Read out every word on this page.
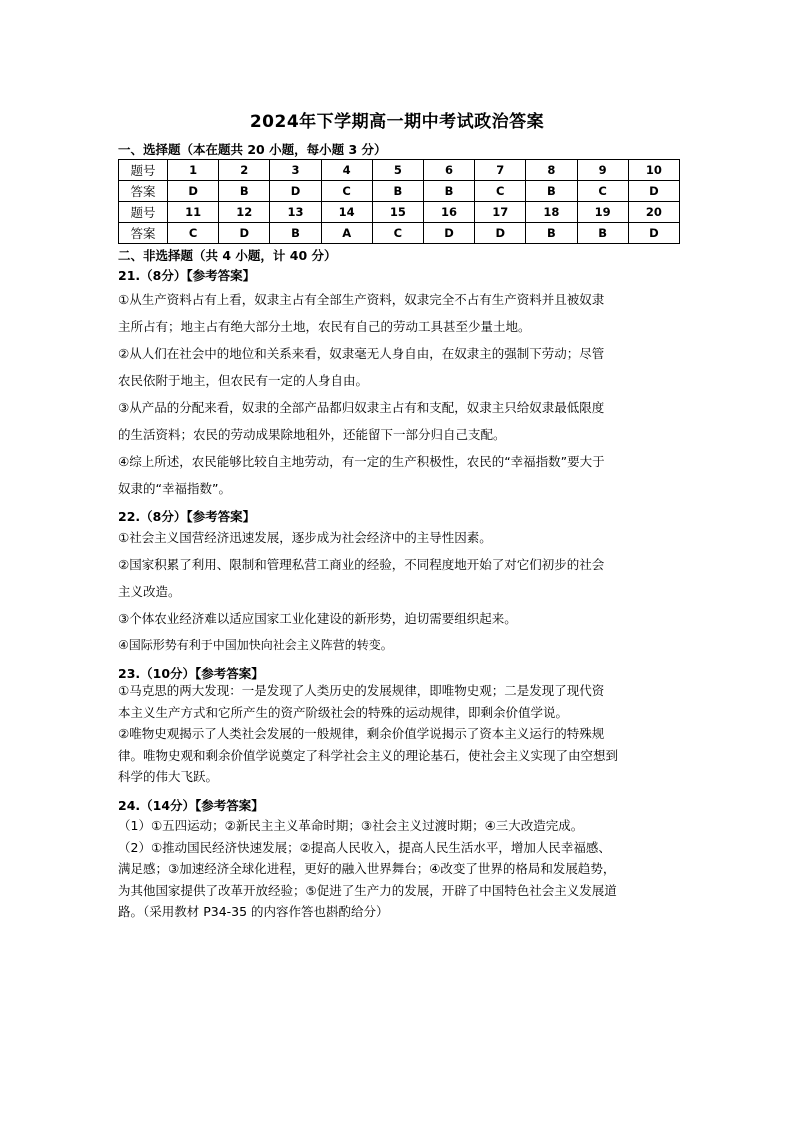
2024年下学期高一期中考试政治答案
一、选择题（本在题共 20 小题，每小题 3 分）
题号	1	2	3	4	5	6	7	8	9	10
答案	D	B	D	C	B	B	C	B	C	D
题号	11	12	13	14	15	16	17	18	19	20
答案	C	D	B	A	C	D	D	B	B	D
二、非选择题（共 4 小题，计 40 分）
21.（8分）【参考答案】

①从生产资料占有上看，奴隶主占有全部生产资料，奴隶完全不占有生产资料并且被奴隶

主所占有；地主占有绝大部分土地，农民有自己的劳动工具甚至少量土地。

②从人们在社会中的地位和关系来看，奴隶毫无人身自由，在奴隶主的强制下劳动；尽管

农民依附于地主，但农民有一定的人身自由。

③从产品的分配来看，奴隶的全部产品都归奴隶主占有和支配，奴隶主只给奴隶最低限度

的生活资料；农民的劳动成果除地租外，还能留下一部分归自己支配。

④综上所述，农民能够比较自主地劳动，有一定的生产积极性，农民的“幸福指数”要大于

奴隶的“幸福指数”。

22.（8分）【参考答案】

①社会主义国营经济迅速发展，逐步成为社会经济中的主导性因素。

②国家积累了利用、限制和管理私营工商业的经验，不同程度地开始了对它们初步的社会

主义改造。

③个体农业经济难以适应国家工业化建设的新形势，迫切需要组织起来。

④国际形势有利于中国加快向社会主义阵营的转变。

23.（10分）【参考答案】

①马克思的两大发现：一是发现了人类历史的发展规律，即唯物史观；二是发现了现代资

本主义生产方式和它所产生的资产阶级社会的特殊的运动规律，即剩余价值学说。

②唯物史观揭示了人类社会发展的一般规律，剩余价值学说揭示了资本主义运行的特殊规

律。唯物史观和剩余价值学说奠定了科学社会主义的理论基石，使社会主义实现了由空想到

科学的伟大飞跃。

24.（14分）【参考答案】

（1）①五四运动；②新民主主义革命时期；③社会主义过渡时期；④三大改造完成。

（2）①推动国民经济快速发展；②提高人民收入，提高人民生活水平，增加人民幸福感、

满足感；③加速经济全球化进程，更好的融入世界舞台；④改变了世界的格局和发展趋势，

为其他国家提供了改革开放经验；⑤促进了生产力的发展，开辟了中国特色社会主义发展道

路。（采用教材 P34-35 的内容作答也斟酌给分）
